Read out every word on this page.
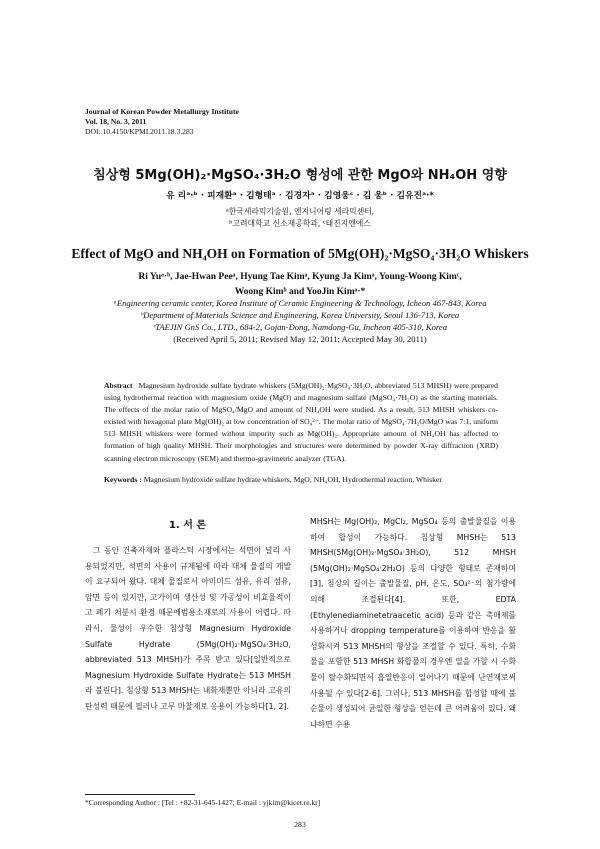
Journal of Korean Powder Metallurgy Institute
Vol. 18, No. 3, 2011
DOI: 10.4150/KPMI.2011.18.3.283
침상형 5Mg(OH)₂·MgSO₄·3H₂O 형성에 관한 MgO와 NH₄OH 영향
유 리ᵃ·ᵇ · 피재환ᵃ · 김형태ᵃ · 김경자ᵃ · 김영웅ᶜ · 김 웅ᵇ · 김유진ᵃ·*
ᵃ한국세라믹기술원, 엔지니어링 세라믹센터,
ᵇ고려대학교 신소재공학과, ᶜ태진지엔에스
Effect of MgO and NH₄OH on Formation of 5Mg(OH)₂·MgSO₄·3H₂O Whiskers
Ri Yuᵃ·ᵇ, Jae-Hwan Peeᵃ, Hyung Tae Kimᵃ, Kyung Ja Kimᵃ, Young-Woong Kimᶜ,
Woong Kimᵇ and YooJin Kimᵃ·*
ᵃEngineering ceramic center, Korea Institute of Ceramic Engineering & Technology, Icheon 467-843, Korea
ᵇDepartment of Materials Science and Engineering, Korea University, Seoul 136-713, Korea
ᶜTAEJIN GnS Co., LTD., 684-2, Gojan-Dong, Namdong-Gu, Incheon 405-310, Korea
(Received April 5, 2011; Revised May 12, 2011; Accepted May 30, 2011)
Abstract Magnesium hydroxide sulfate hydrate whiskers (5Mg(OH)₂·MgSO₄·3H₂O, abbreviated 513 MHSH) were prepared using hydrothermal reaction with magnesium oxide (MgO) and magnesium sulfate (MgSO₄·7H₂O) as the starting materials. The effects of the molar ratio of MgSO₄/MgO and amount of NH₄OH were studied. As a result, 513 MHSH whiskers co-existed with hexagonal plate Mg(OH)₂ at low concentration of SO₄²⁻. The molar ratio of MgSO₄·7H₂O/MgO was 7:1, uniform 513 MHSH whiskers were formed without impurity such as Mg(OH)₂. Appropriate amount of NH₄OH has affected to formation of high quality MHSH. Their morphologies and structures were determined by powder X-ray diffraction (XRD) scanning electron microscopy (SEM) and thermo-gravimetric analyzer (TGA).
Keywords : Magnesium hydroxide sulfate hydrate whiskers, MgO, NH₄OH, Hydrothermal reaction, Whisker
1. 서 론
그 동안 건축자재와 플라스틱 시장에서는 석면이 널리 사용되었지만, 석면의 사용이 규제됨에 따라 대체 물질의 개발이 요구되어 왔다. 대체 물질로서 아미미드 섬유, 유리 섬유, 암면 등이 있지만, 고가이며 생산성 및 가공성이 비효율적이고 폐기 처분시 환경 때문에범용소재로의 사용이 어렵다. 따라서, 물성이 우수한 침상형 Magnesium Hydroxide Sulfate Hydrate (5Mg(OH)₂·MgSO₄·3H₂O, abbreviated 513 MHSH)가 주목 받고 있다[일반적으로 Magnesium Hydroxide Sulfate Hydrate는 513 MHSH라 불린다]. 침상형 513 MHSH는 내화재뿐만 아니라 고유의 탄성력 때문에 필러나 고무 마찰재로 응용이 가능하다[1, 2].
MHSH는 Mg(OH)₂, MgCl₂, MgSO₄ 등의 출발물질을 이용하여 합성이 가능하다. 침상형 MHSH는 513 MHSH(5Mg(OH)₂·MgSO₄·3H₂O), 512 MHSH (5Mg(OH)₂·MgSO₄·2H₂O) 등의 다양한 형태로 존재하며[3], 침상의 길이는 출발물질, pH, 온도, SO₄²⁻의 첨가량에 의해 조절된다[4]. 또한, EDTA (Ethylenediaminetetraacetic acid) 등과 같은 촉매제를 사용하거나 dropping temperature를 이용하여 반응을 활성화시켜 513 MHSH의 형상을 조절할 수 있다. 특히, 수화물을 포함한 513 MHSH 화합물의 경우엔 열을 가할 시 수화물이 탈수화되면서 흡열반응이 일어나기 때문에 난연재로써 사용될 수 있다[2-6]. 그러나, 513 MHSH를 합성할 때에 불순물이 생성되어 균일한 형상을 얻는데 큰 어려움이 있다. 왜냐하면 수용
*Corresponding Author : [Tel : +82-31-645-1427; E-mail : yjkim@kicet.re.kr]
283
